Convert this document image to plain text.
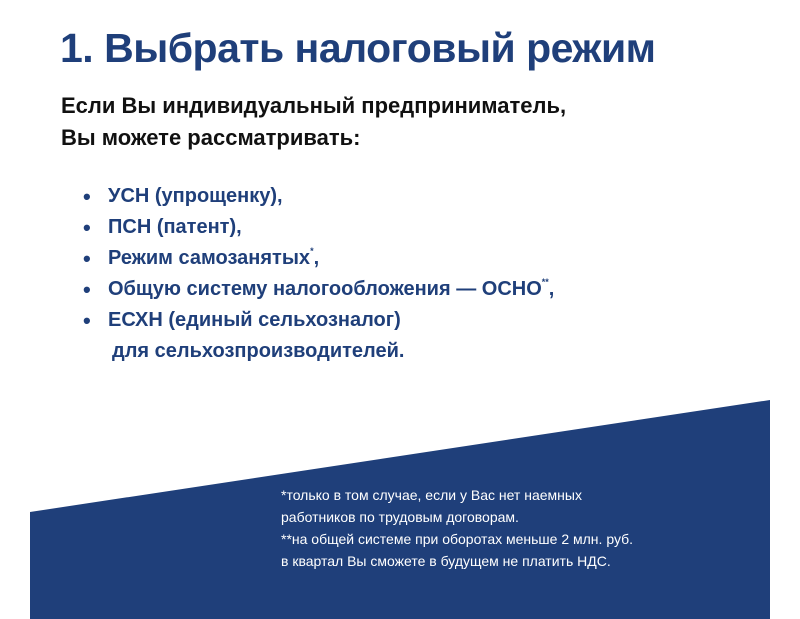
1. Выбрать налоговый режим

Если Вы индивидуальный предприниматель,
Вы можете рассматривать:

• УСН (упрощенку),
• ПСН (патент),
• Режим самозанятых*,
• Общую систему налогообложения — ОСНО**,
• ЕСХН (единый сельхозналог)
для сельхозпроизводителей.

*только в том случае, если у Вас нет наемных
работников по трудовым договорам.
**на общей системе при оборотах меньше 2 млн. руб.
в квартал Вы сможете в будущем не платить НДС.
